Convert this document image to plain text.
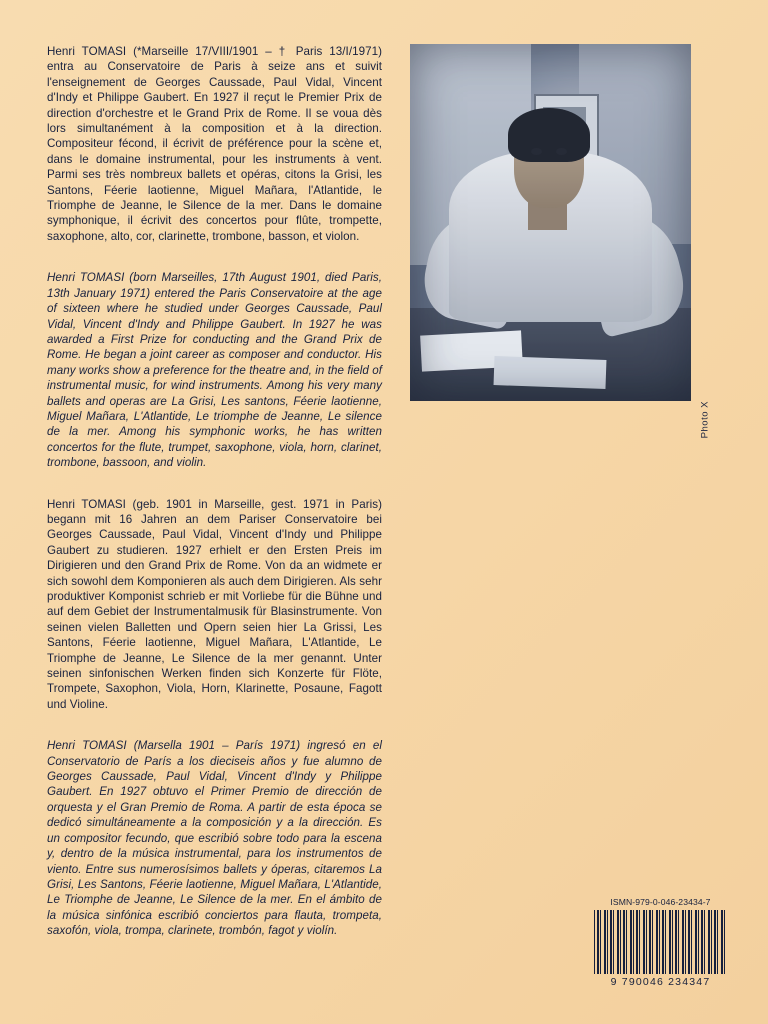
Henri TOMASI (*Marseille 17/VIII/1901 – † Paris 13/I/1971) entra au Conservatoire de Paris à seize ans et suivit l'enseignement de Georges Caussade, Paul Vidal, Vincent d'Indy et Philippe Gaubert. En 1927 il reçut le Premier Prix de direction d'orchestre et le Grand Prix de Rome. Il se voua dès lors simultanément à la composition et à la direction. Compositeur fécond, il écrivit de préférence pour la scène et, dans le domaine instrumental, pour les instruments à vent. Parmi ses très nombreux ballets et opéras, citons la Grisi, les Santons, Féerie laotienne, Miguel Mañara, l'Atlantide, le Triomphe de Jeanne, le Silence de la mer. Dans le domaine symphonique, il écrivit des concertos pour flûte, trompette, saxophone, alto, cor, clarinette, trombone, basson, et violon.

Henri TOMASI (born Marseilles, 17th August 1901, died Paris, 13th January 1971) entered the Paris Conservatoire at the age of sixteen where he studied under Georges Caussade, Paul Vidal, Vincent d'Indy and Philippe Gaubert. In 1927 he was awarded a First Prize for conducting and the Grand Prix de Rome. He began a joint career as composer and conductor. His many works show a preference for the theatre and, in the field of instrumental music, for wind instruments. Among his very many ballets and operas are La Grisi, Les santons, Féerie laotienne, Miguel Mañara, L'Atlantide, Le triomphe de Jeanne, Le silence de la mer. Among his symphonic works, he has written concertos for the flute, trumpet, saxophone, viola, horn, clarinet, trombone, bassoon, and violin.

Henri TOMASI (geb. 1901 in Marseille, gest. 1971 in Paris) begann mit 16 Jahren an dem Pariser Conservatoire bei Georges Caussade, Paul Vidal, Vincent d'Indy und Philippe Gaubert zu studieren. 1927 erhielt er den Ersten Preis im Dirigieren und den Grand Prix de Rome. Von da an widmete er sich sowohl dem Komponieren als auch dem Dirigieren. Als sehr produktiver Komponist schrieb er mit Vorliebe für die Bühne und auf dem Gebiet der Instrumentalmusik für Blasinstrumente. Von seinen vielen Balletten und Opern seien hier La Grissi, Les Santons, Féerie laotienne, Miguel Mañara, L'Atlantide, Le Triomphe de Jeanne, Le Silence de la mer genannt. Unter seinen sinfonischen Werken finden sich Konzerte für Flöte, Trompete, Saxophon, Viola, Horn, Klarinette, Posaune, Fagott und Violine.

Henri TOMASI (Marsella 1901 – París 1971) ingresó en el Conservatorio de París a los dieciseis años y fue alumno de Georges Caussade, Paul Vidal, Vincent d'Indy y Philippe Gaubert. En 1927 obtuvo el Primer Premio de dirección de orquesta y el Gran Premio de Roma. A partir de esta época se dedicó simultáneamente a la composición y a la dirección. Es un compositor fecundo, que escribió sobre todo para la escena y, dentro de la música instrumental, para los instrumentos de viento. Entre sus numerosísimos ballets y óperas, citaremos La Grisi, Les Santons, Féerie laotienne, Miguel Mañara, L'Atlantide, Le Triomphe de Jeanne, Le Silence de la mer. En el ámbito de la música sinfónica escribió conciertos para flauta, trompeta, saxofón, viola, trompa, clarinete, trombón, fagot y violín.

Photo X
ISMN-979-0-046-23434-7
9 790046 234347
